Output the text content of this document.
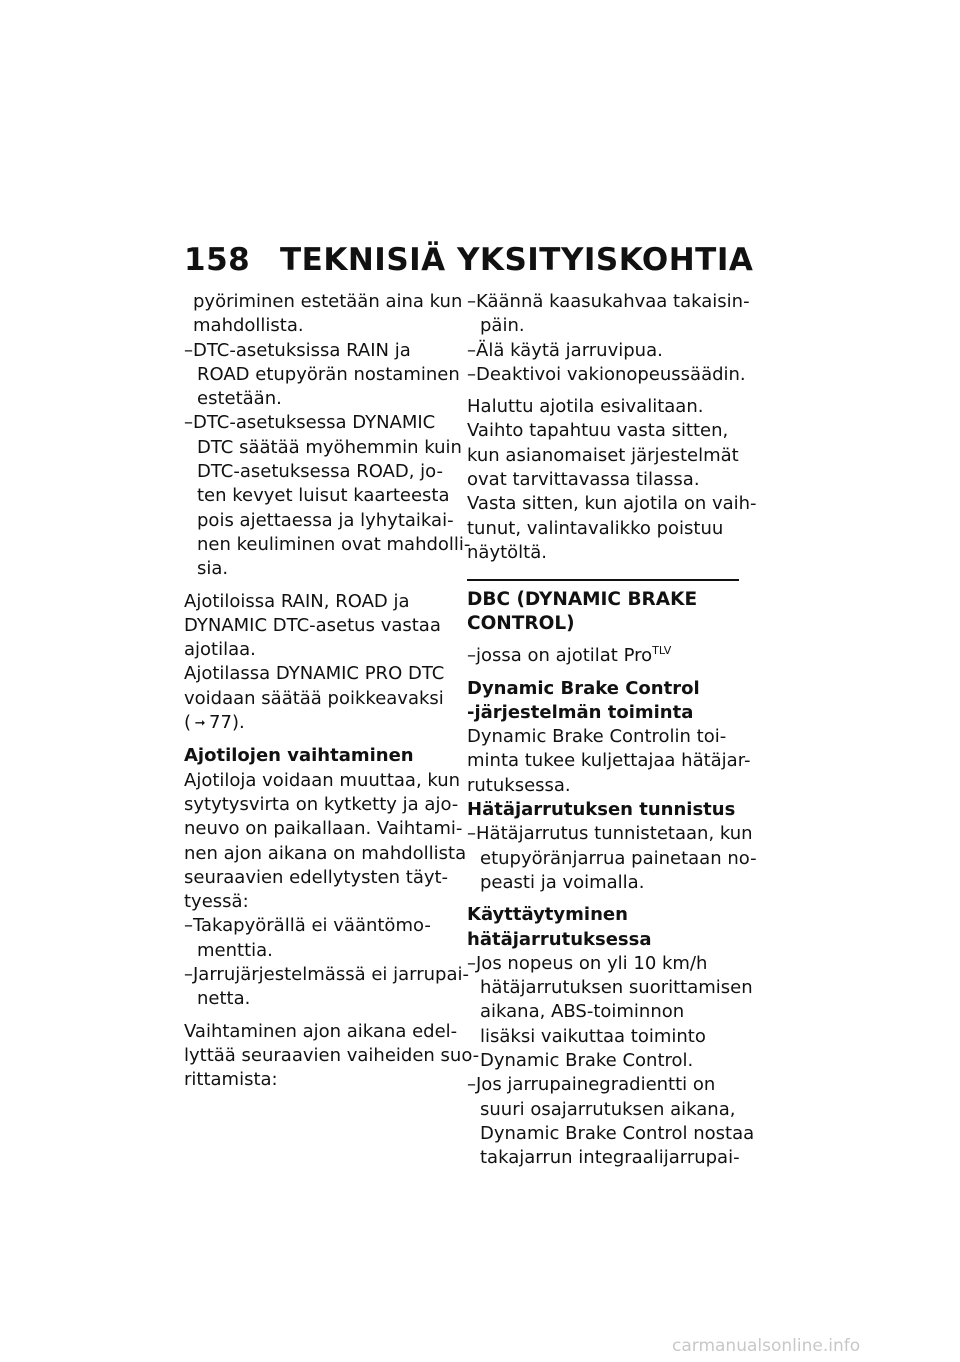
158 TEKNISIÄ YKSITYISKOHTIA
pyöriminen estetään aina kun
mahdollista.
– DTC-asetuksissa RAIN ja
ROAD etupyörän nostaminen
estetään.
– DTC-asetuksessa DYNAMIC
DTC säätää myöhemmin kuin
DTC-asetuksessa ROAD, jo-
ten kevyet luisut kaarteesta
pois ajettaessa ja lyhytaikai-
nen keuliminen ovat mahdolli-
sia.
Ajotiloissa RAIN, ROAD ja
DYNAMIC DTC-asetus vastaa
ajotilaa.
Ajotilassa DYNAMIC PRO DTC
voidaan säätää poikkeavaksi
( ➞ 77).
Ajotilojen vaihtaminen
Ajotiloja voidaan muuttaa, kun
sytytysvirta on kytketty ja ajo-
neuvo on paikallaan. Vaihtami-
nen ajon aikana on mahdollista
seuraavien edellytysten täyt-
tyessä:
– Takapyörällä ei vääntömo-
menttia.
– Jarrujärjestelmässä ei jarrupai-
netta.
Vaihtaminen ajon aikana edel-
lyttää seuraavien vaiheiden suo-
rittamista:
– Käännä kaasukahvaa takaisin-
päin.
– Älä käytä jarruvipua.
– Deaktivoi vakionopeussäädin.
Haluttu ajotila esivalitaan.
Vaihto tapahtuu vasta sitten,
kun asianomaiset järjestelmät
ovat tarvittavassa tilassa.
Vasta sitten, kun ajotila on vaih-
tunut, valintavalikko poistuu
näytöltä.
DBC (DYNAMIC BRAKE
CONTROL)
–jossa on ajotilat Pro$^{TLV}$
Dynamic Brake Control
-järjestelmän toiminta
Dynamic Brake Controlin toi-
minta tukee kuljettajaa hätäjar-
rutuksessa.
Hätäjarrutuksen tunnistus
– Hätäjarrutus tunnistetaan, kun
etupyöränjarrua painetaan no-
peasti ja voimalla.
Käyttäytyminen
hätäjarrutuksessa
– Jos nopeus on yli 10 km/h
hätäjarrutuksen suorittamisen
aikana, ABS-toiminnon
lisäksi vaikuttaa toiminto
Dynamic Brake Control.
– Jos jarrupainegradientti on
suuri osajarrutuksen aikana,
Dynamic Brake Control nostaa
takajarrun integraalijarrupai-
carmanualsonline.info
